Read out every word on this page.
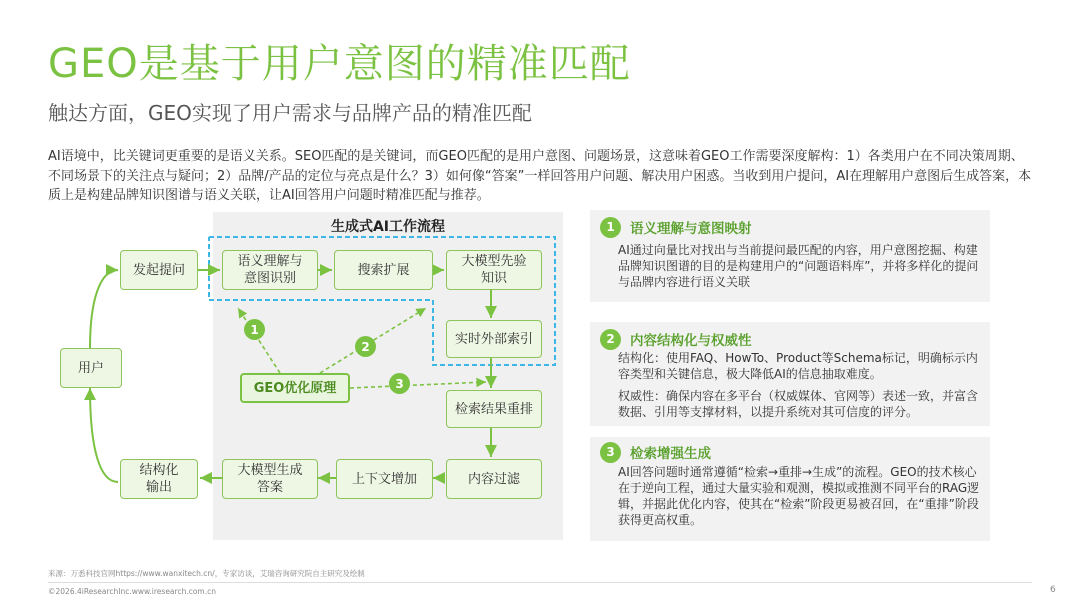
GEO是基于用户意图的精准匹配
触达方面，GEO实现了用户需求与品牌产品的精准匹配
AI语境中，比关键词更重要的是语义关系。SEO匹配的是关键词，而GEO匹配的是用户意图、问题场景，这意味着GEO工作需要深度解构：1）各类用户在不同决策周期、不同场景下的关注点与疑问；2）品牌/产品的定位与亮点是什么？3）如何像“答案”一样回答用户问题、解决用户困惑。当收到用户提问，AI在理解用户意图后生成答案，本质上是构建品牌知识图谱与语义关联，让AI回答用户问题时精准匹配与推荐。
生成式AI工作流程
用户
发起提问
语义理解与
意图识别
搜索扩展
大模型先验
知识
实时外部索引
检索结果重排
内容过滤
上下文增加
大模型生成
答案
结构化
输出
GEO优化原理
1
2
3
1	语义理解与意图映射
AI通过向量比对找出与当前提问最匹配的内容，用户意图挖掘、构建品牌知识图谱的目的是构建用户的“问题语料库”，并将多样化的提问与品牌内容进行语义关联
2	内容结构化与权威性
结构化：使用FAQ、HowTo、Product等Schema标记，明确标示内容类型和关键信息，极大降低AI的信息抽取难度。
权威性：确保内容在多平台（权威媒体、官网等）表述一致，并富含数据、引用等支撑材料，以提升系统对其可信度的评分。
3	检索增强生成
AI回答问题时通常遵循“检索→重排→生成”的流程。GEO的技术核心在于逆向工程，通过大量实验和观测，模拟或推测不同平台的RAG逻辑，并据此优化内容，使其在“检索”阶段更易被召回，在“重排”阶段获得更高权重。
来源：万悉科技官网https://www.wanxitech.cn/，专家访谈，艾瑞咨询研究院自主研究及绘制
©2026.4iResearchInc.www.iresearch.com.cn	6
